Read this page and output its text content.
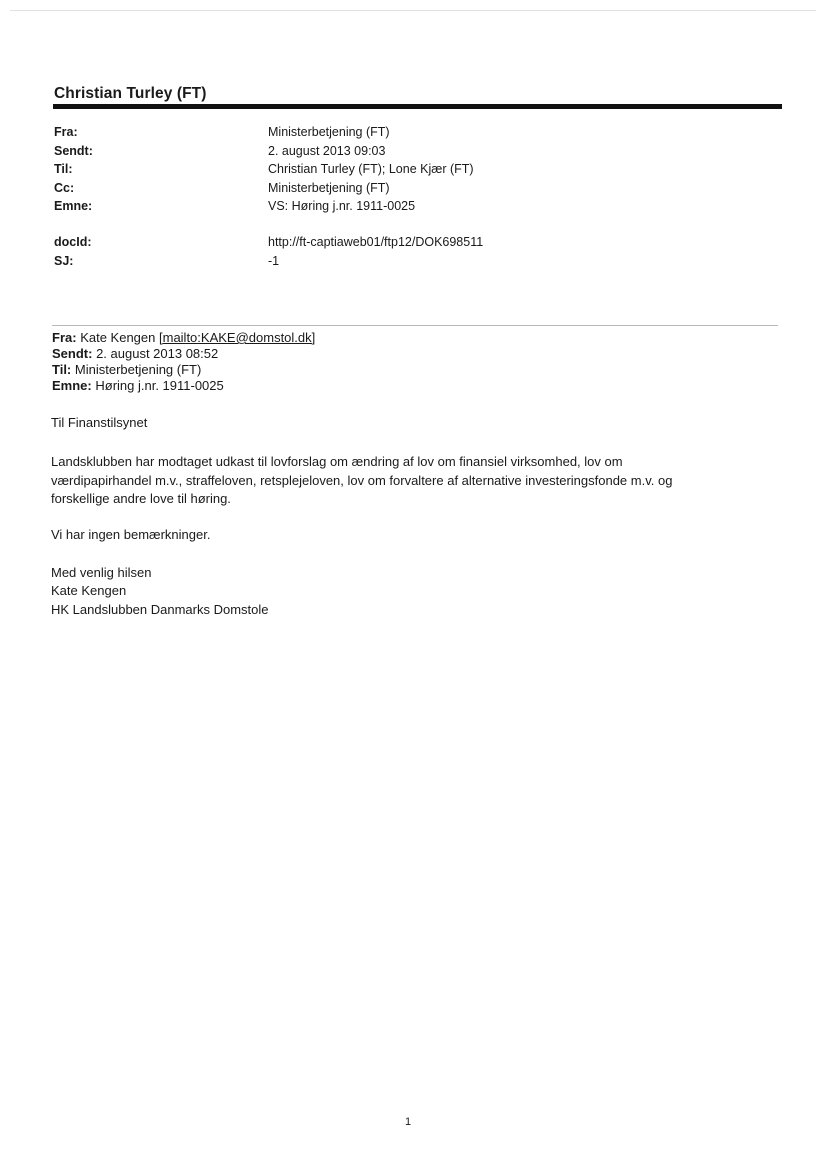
Christian Turley (FT)
Fra:	Ministerbetjening (FT)
Sendt:	2. august 2013 09:03
Til:	Christian Turley (FT); Lone Kjær (FT)
Cc:	Ministerbetjening (FT)
Emne:	VS: Høring j.nr. 1911-0025
docId:	http://ft-captiaweb01/ftp12/DOK698511
SJ:	-1
Fra: Kate Kengen [mailto:KAKE@domstol.dk]
Sendt: 2. august 2013 08:52
Til: Ministerbetjening (FT)
Emne: Høring j.nr. 1911-0025
Til Finanstilsynet
Landsklubben har modtaget udkast til lovforslag om ændring af lov om finansiel virksomhed, lov om
værdipapirhandel m.v., straffeloven, retsplejeloven, lov om forvaltere af alternative investeringsfonde m.v. og
forskellige andre love til høring.
Vi har ingen bemærkninger.
Med venlig hilsen
Kate Kengen
HK Landslubben Danmarks Domstole
1
